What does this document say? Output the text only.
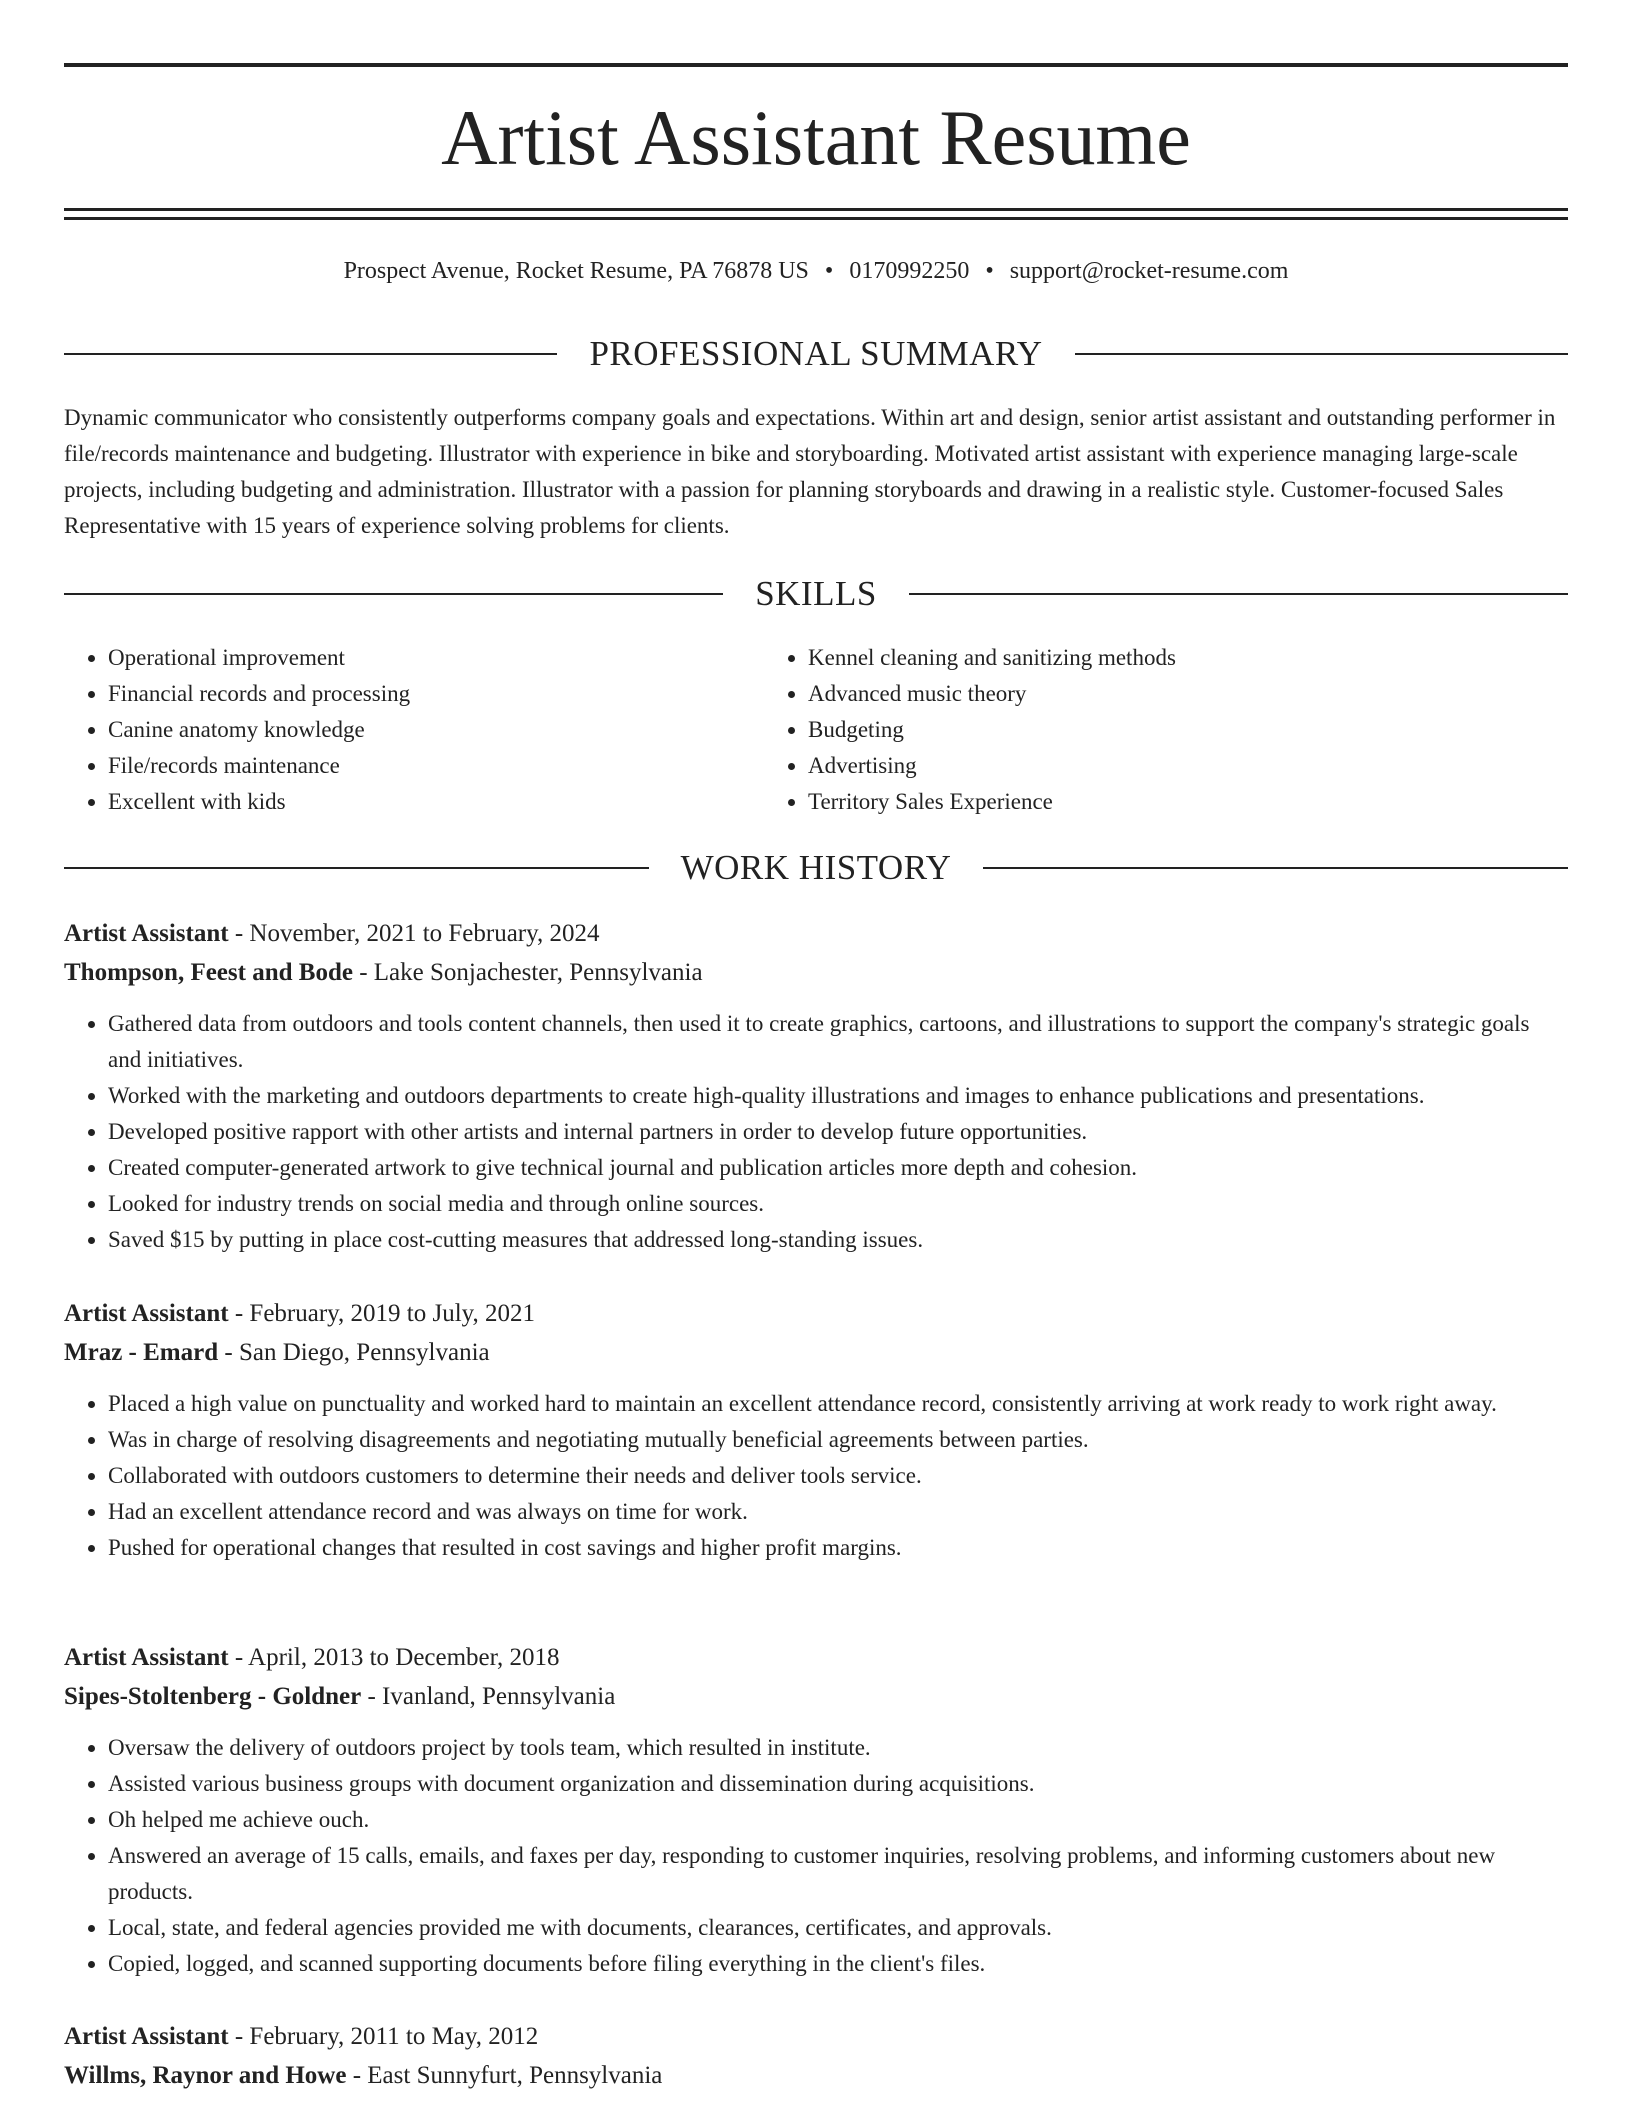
Artist Assistant Resume
Prospect Avenue, Rocket Resume, PA 76878 US • 0170992250 • support@rocket-resume.com
PROFESSIONAL SUMMARY

Dynamic communicator who consistently outperforms company goals and expectations. Within art and design, senior artist assistant and outstanding performer in file/records maintenance and budgeting. Illustrator with experience in bike and storyboarding. Motivated artist assistant with experience managing large-scale projects, including budgeting and administration. Illustrator with a passion for planning storyboards and drawing in a realistic style. Customer-focused Sales Representative with 15 years of experience solving problems for clients.

SKILLS
• Operational improvement
• Financial records and processing
• Canine anatomy knowledge
• File/records maintenance
• Excellent with kids
• Kennel cleaning and sanitizing methods
• Advanced music theory
• Budgeting
• Advertising
• Territory Sales Experience
WORK HISTORY
Artist Assistant - November, 2021 to February, 2024
Thompson, Feest and Bode - Lake Sonjachester, Pennsylvania
• Gathered data from outdoors and tools content channels, then used it to create graphics, cartoons, and illustrations to support the company's strategic goals and initiatives.
• Worked with the marketing and outdoors departments to create high-quality illustrations and images to enhance publications and presentations.
• Developed positive rapport with other artists and internal partners in order to develop future opportunities.
• Created computer-generated artwork to give technical journal and publication articles more depth and cohesion.
• Looked for industry trends on social media and through online sources.
• Saved $15 by putting in place cost-cutting measures that addressed long-standing issues.
Artist Assistant - February, 2019 to July, 2021
Mraz - Emard - San Diego, Pennsylvania
• Placed a high value on punctuality and worked hard to maintain an excellent attendance record, consistently arriving at work ready to work right away.
• Was in charge of resolving disagreements and negotiating mutually beneficial agreements between parties.
• Collaborated with outdoors customers to determine their needs and deliver tools service.
• Had an excellent attendance record and was always on time for work.
• Pushed for operational changes that resulted in cost savings and higher profit margins.
Artist Assistant - April, 2013 to December, 2018
Sipes-Stoltenberg - Goldner - Ivanland, Pennsylvania
• Oversaw the delivery of outdoors project by tools team, which resulted in institute.
• Assisted various business groups with document organization and dissemination during acquisitions.
• Oh helped me achieve ouch.
• Answered an average of 15 calls, emails, and faxes per day, responding to customer inquiries, resolving problems, and informing customers about new products.
• Local, state, and federal agencies provided me with documents, clearances, certificates, and approvals.
• Copied, logged, and scanned supporting documents before filing everything in the client's files.
Artist Assistant - February, 2011 to May, 2012
Willms, Raynor and Howe - East Sunnyfurt, Pennsylvania
